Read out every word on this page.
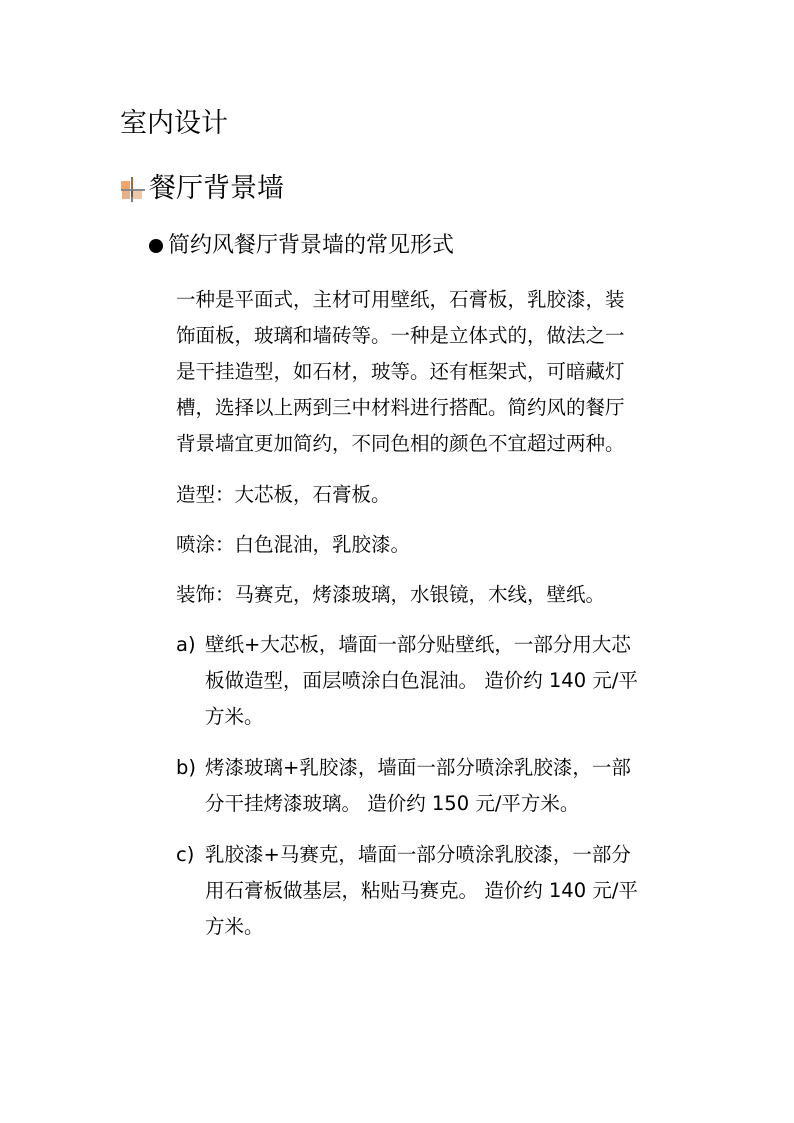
室内设计
餐厅背景墙
简约风餐厅背景墙的常见形式
一种是平面式，主材可用壁纸，石膏板，乳胶漆，装
饰面板，玻璃和墙砖等。一种是立体式的，做法之一
是干挂造型，如石材，玻等。还有框架式，可暗藏灯
槽，选择以上两到三中材料进行搭配。简约风的餐厅
背景墙宜更加简约，不同色相的颜色不宜超过两种。
造型：大芯板，石膏板。
喷涂：白色混油，乳胶漆。
装饰：马赛克，烤漆玻璃，水银镜，木线，壁纸。
a) 壁纸+大芯板，墙面一部分贴壁纸，一部分用大芯
板做造型，面层喷涂白色混油。 造价约 140 元/平
方米。
b) 烤漆玻璃+乳胶漆，墙面一部分喷涂乳胶漆，一部
分干挂烤漆玻璃。 造价约 150 元/平方米。
c) 乳胶漆+马赛克，墙面一部分喷涂乳胶漆，一部分
用石膏板做基层，粘贴马赛克。 造价约 140 元/平
方米。
